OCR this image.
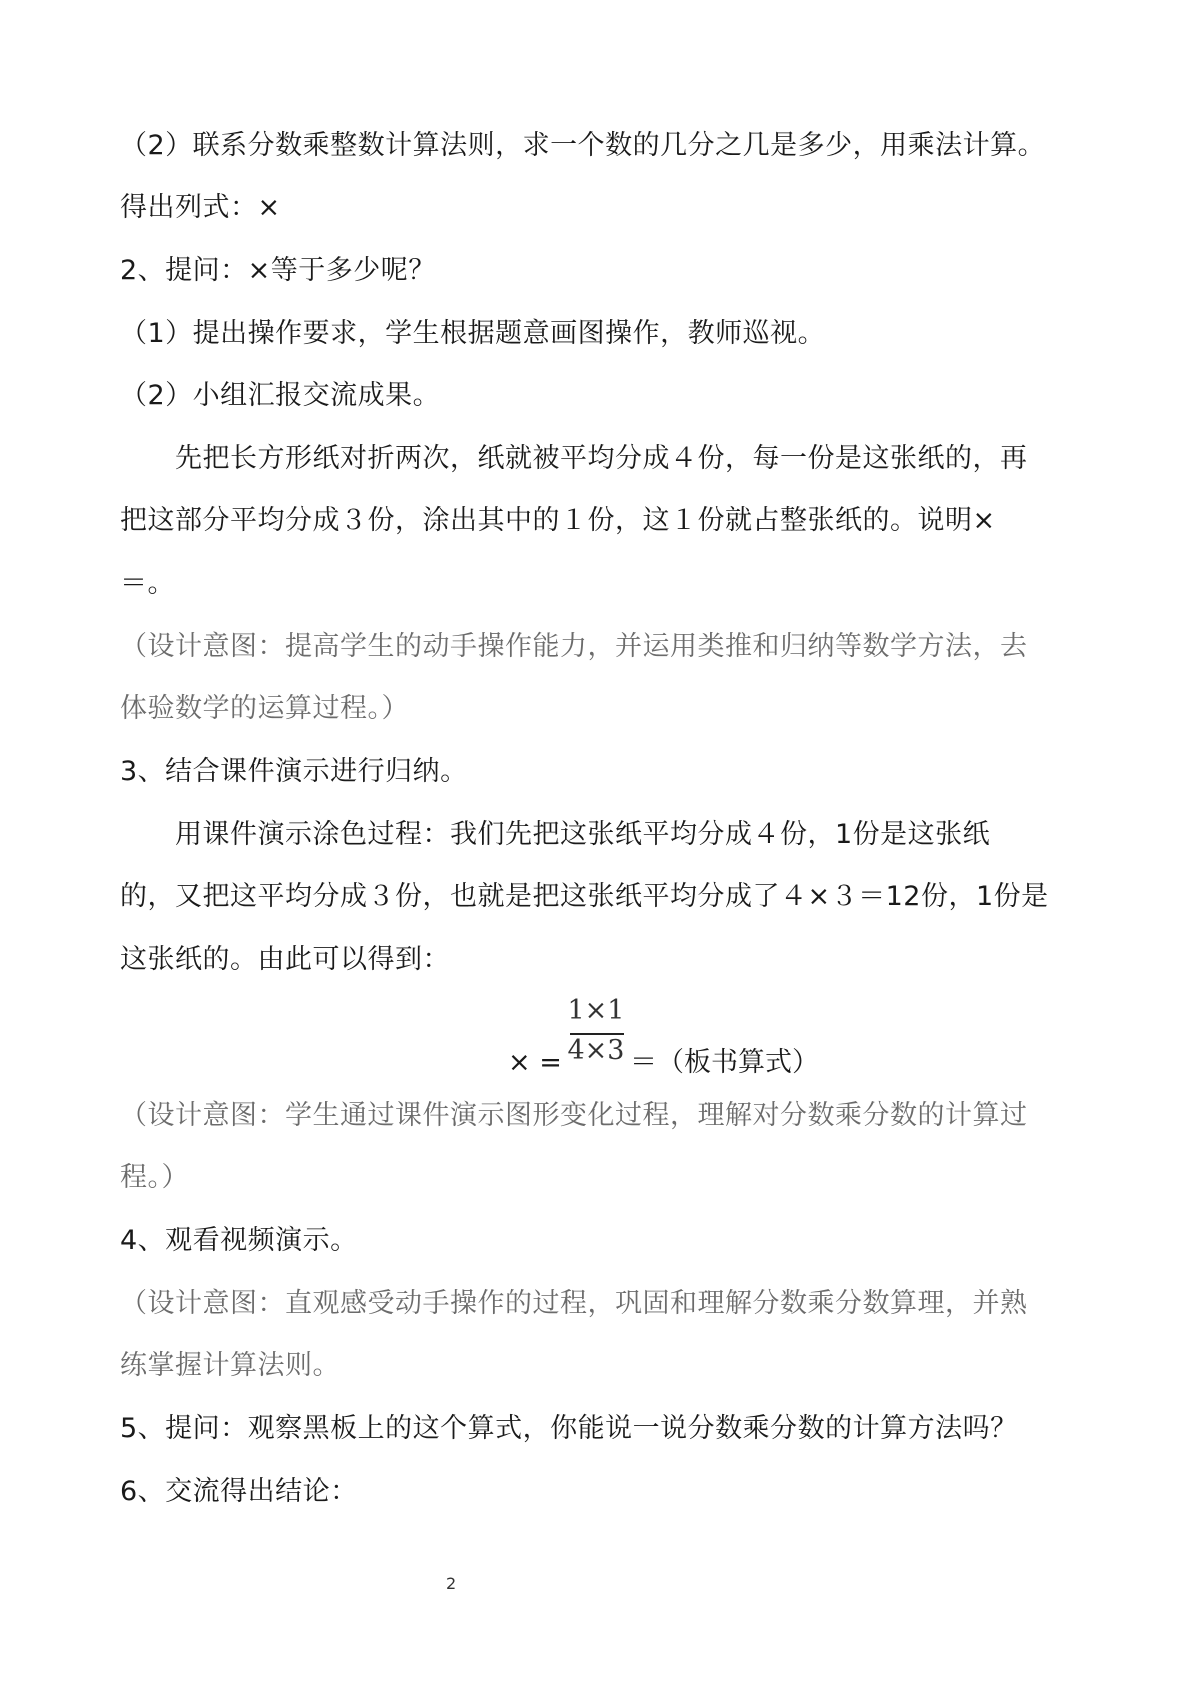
（2）联系分数乘整数计算法则，求一个数的几分之几是多少，用乘法计算。
得出列式：×
2、提问：×等于多少呢？
（1）提出操作要求，学生根据题意画图操作，教师巡视。
（2）小组汇报交流成果。
先把长方形纸对折两次，纸就被平均分成４份，每一份是这张纸的，再
把这部分平均分成３份，涂出其中的１份，这１份就占整张纸的。说明×
＝。
（设计意图：提高学生的动手操作能力，并运用类推和归纳等数学方法，去
体验数学的运算过程。）
3、结合课件演示进行归纳。
用课件演示涂色过程：我们先把这张纸平均分成４份，1份是这张纸
的，又把这平均分成３份，也就是把这张纸平均分成了４×３＝12份，1份是
这张纸的。由此可以得到：
× =
1×1
4×3 ＝（板书算式）
（设计意图：学生通过课件演示图形变化过程，理解对分数乘分数的计算过
程。）
4、观看视频演示。
（设计意图：直观感受动手操作的过程，巩固和理解分数乘分数算理，并熟
练掌握计算法则。
5、提问：观察黑板上的这个算式，你能说一说分数乘分数的计算方法吗？
6、交流得出结论：
2
